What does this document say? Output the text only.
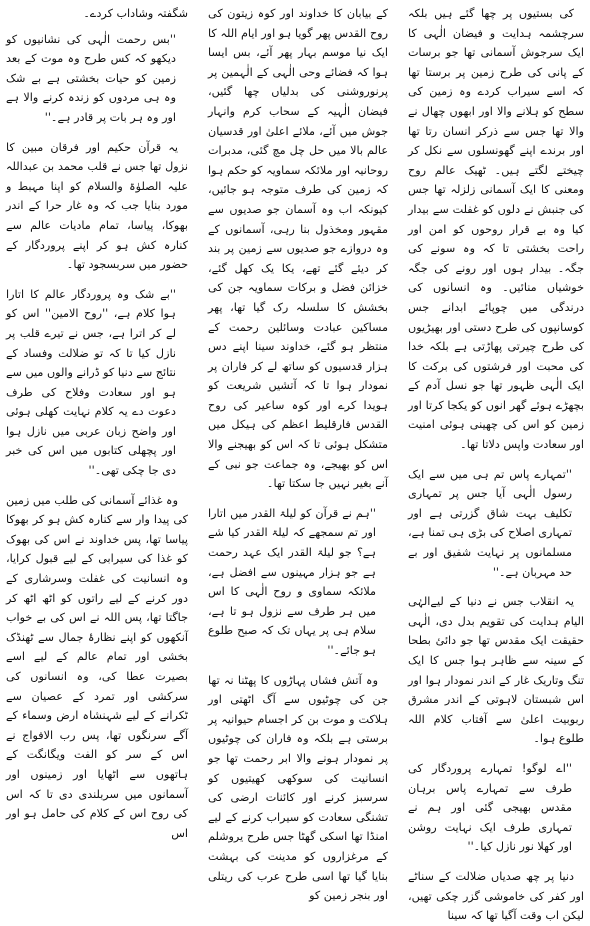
کی بستیوں پر چھا گئے ہیں بلکہ سرچشمہ ہدایت و فیضان الٰہی کا ایک سرجوش آسمانی تھا جو برسات کے پانی کی طرح زمین پر برستا تھا کہ اسے سیراب کردے وہ زمین کی سطح کو ہلانے والا اور ابھوں چھال نے والا تھا جس سے ذرکر انسان رتا تھا اور برندے اپنے گھونسلوں سے نکل کر چیختے لگتے ہیں۔ ٹھیک عالم روح ومعنی کا ایک آسمانی زلزلہ تھا جس کی جنبش نے دلوں کو غفلت سے بیدار کیا وہ بے قرار روحوں کو امن اور راحت بخشتی تا کہ وہ سونے کی جگہ۔ بیدار ہوں اور رونے کی جگہ خوشیاں منائیں۔ وہ انسانوں کی درندگی میں چوپائے ابدانے جس کوسانپوں کی طرح دستی اور بھیڑیوں کی طرح چیرتی پھاڑتی ہے بلکہ خدا کی محبت اور فرشتوں کی برکت کا ایک الٰہی ظہور تھا جو نسل آدم کے بچھڑے ہوئے گھر انوں کو یکجا کرتا اور زمین کو اس کی چھینی ہوئی امنیت اور سعادت واپس دلاتا تھا۔

''تمہارے پاس تم ہی میں سے ایک رسول الٰہی آیا جس پر تمہاری تکلیف بہت شاق گزرتی ہے اور تمہاری اصلاح کی بڑی ہی تمنا ہے، مسلمانوں پر نہایت شفیق اور بے حد مہربان ہے۔''

یہ انقلاب جس نے دنیا کے لیےالہٰی الیام ہدایت کی تقویم بدل دی، الٰہی حقیقت ایک مقدس تھا جو دائیٔ بطحا کے سینہ سے ظاہر ہوا جس کا ایک تنگ وتاریک غار کے اندر نمودار ہوا اور اس شبستان لاہوتی کے اندر مشرق ربوبیت اعلیٰ سے آفتاب کلام اللہ طلوع ہوا۔

''اے لوگو! تمہارے پروردگار کی طرف سے تمہارے پاس برہان مقدس بھیجی گئی اور ہم نے تمہاری طرف ایک نہایت روشن اور کھلا نور نازل کیا۔''

دنیا پر چھ صدیاں ضلالت کے سناٹے اور کفر کی خاموشی گزر چکی تھیں، لیکن اب وقت آگیا تھا کہ سینا

کے بیابان کا خداوند اور کوہ زیتون کی روح القدس پھر گویا ہو اور ایام اللہ کا ایک نیا موسم بہار پھر آئے، بس ایسا ہوا کہ فضائے وحی الٰہی کے الٰہمین پر پرنوروشنی کی بدلیاں چھا گئیں، فیضان الٰہیہ کے سحاب کرم وانہار جوش میں آئے، ملائے اعلیٰ اور قدسیان عالم بالا میں حل چل مچ گئی، مدبرات روحانیہ اور ملائکہ سماویہ کو حکم ہوا کہ زمین کی طرف متوجہ ہو جائیں، کیونکہ اب وہ آسمان جو صدیوں سے مقہور ومخذول بنا رہی، آسمانوں کے وہ دروازے جو صدیوں سے زمین پر بند کر دیئے گئے تھے، یکا یک کھل گئے، خزائن فضل و برکات سماویہ جن کی بخشش کا سلسلہ رک گیا تھا، پھر مساکین عبادت وسائلین رحمت کے منتظر ہو گئے، خداوند سینا اپنے دس ہزار قدسیوں کو ساتھ لے کر فاران پر نمودار ہوا تا کہ آتشیں شریعت کو ہویدا کرے اور کوہ ساعیر کی روح القدس فارقلیط اعظم کی ہیکل میں متشکل ہوئی تا کہ اس کو بھیجنے والا اس کو بھیجے، وہ جماعت جو نبی کے آنے بغیر نہیں جا سکتا تھا۔

''ہم نے قرآن کو لیلۃ القدر میں اتارا اور تم سمجھے کہ لیلۃ القدر کیا شے ہے؟ جو لیلۃ القدر ایک عہد رحمت ہے جو ہزار مہینوں سے افضل ہے، ملائکہ سماوی و روح الٰہی کا اس میں ہر طرف سے نزول ہو تا ہے، سلام ہی پر یہاں تک کہ صبح طلوع ہو جائے۔''

وہ آتش فشاں پہاڑوں کا پھٹنا نہ تھا جن کی چوٹیوں سے آگ اٹھتی اور ہلاکت و موت بن کر اجسام حیوانیہ پر برستی ہے بلکہ وہ فاران کی چوٹیوں پر نمودار ہونے والا ابر رحمت تھا جو انسانیت کی سوکھی کھیتیوں کو سرسبز کرنے اور کائنات ارضی کی تشنگی سعادت کو سیراب کرنے کے لیے امنڈا تھا اسکی گھٹا جس طرح یروشلم کے مرغزاروں کو مدینت کی بہشت بنایا گیا تھا اسی طرح عرب کی ریتلی اور بنجر زمین کو

شگفتہ وشاداب کردے۔

''بس رحمت الٰہی کی نشانیوں کو دیکھو کہ کس طرح وہ موت کے بعد زمین کو حیات بخشتی ہے بے شک وہ ہی مردوں کو زندہ کرنے والا ہے اور وہ ہر بات پر قادر ہے۔''

یہ قرآن حکیم اور فرقان مبین کا نزول تھا جس نے قلب محمد بن عبداللہ علیہ الصلوٰۃ والسلام کو اپنا مہبط و مورد بنایا جب کہ وہ غار حرا کے اندر بھوکا، پیاسا، تمام مادیات عالم سے کنارہ کش ہو کر اپنے پروردگار کے حضور میں سربسجود تھا۔

''بے شک وہ پروردگار عالم کا اتارا ہوا کلام ہے، ''روح الامین'' اس کو لے کر اترا ہے، جس نے تیرے قلب پر نازل کیا تا کہ تو ضلالت وفساد کے نتائج سے دنیا کو ڈرانے والوں میں سے ہو اور سعادت وفلاح کی طرف دعوت دے یہ کلام نہایت کھلی ہوئی اور واضح زبان عربی میں نازل ہوا اور پچھلی کتابوں میں اس کی خبر دی جا چکی تھی۔''

وہ غذائے آسمانی کی طلب میں زمین کی پیدا وار سے کنارہ کش ہو کر بھوکا پیاسا تھا، پس خداوند نے اس کی بھوک کو غذا کی سیرابی کے لیے قبول کرایا، وہ انسانیت کی غفلت وسرشاری کے دور کرنے کے لیے راتوں کو اٹھ اٹھ کر جاگتا تھا، پس اللہ نے اس کی بے خواب آنکھوں کو اپنے نظارۂ جمال سے ٹھنڈک بخشی اور تمام عالم کے لیے اسے بصیرت عطا کی، وہ انسانوں کی سرکشی اور تمرد کے عصیان سے ٹکرانے کے لیے شہنشاہ ارض وسماء کے آگے سرنگوں تھا، پس رب الافواج نے اس کے سر کو الفت ویگانگت کے ہاتھوں سے اٹھایا اور زمینوں اور آسمانوں میں سربلندی دی تا کہ اس کی روح اس کے کلام کی حامل ہو اور اس
